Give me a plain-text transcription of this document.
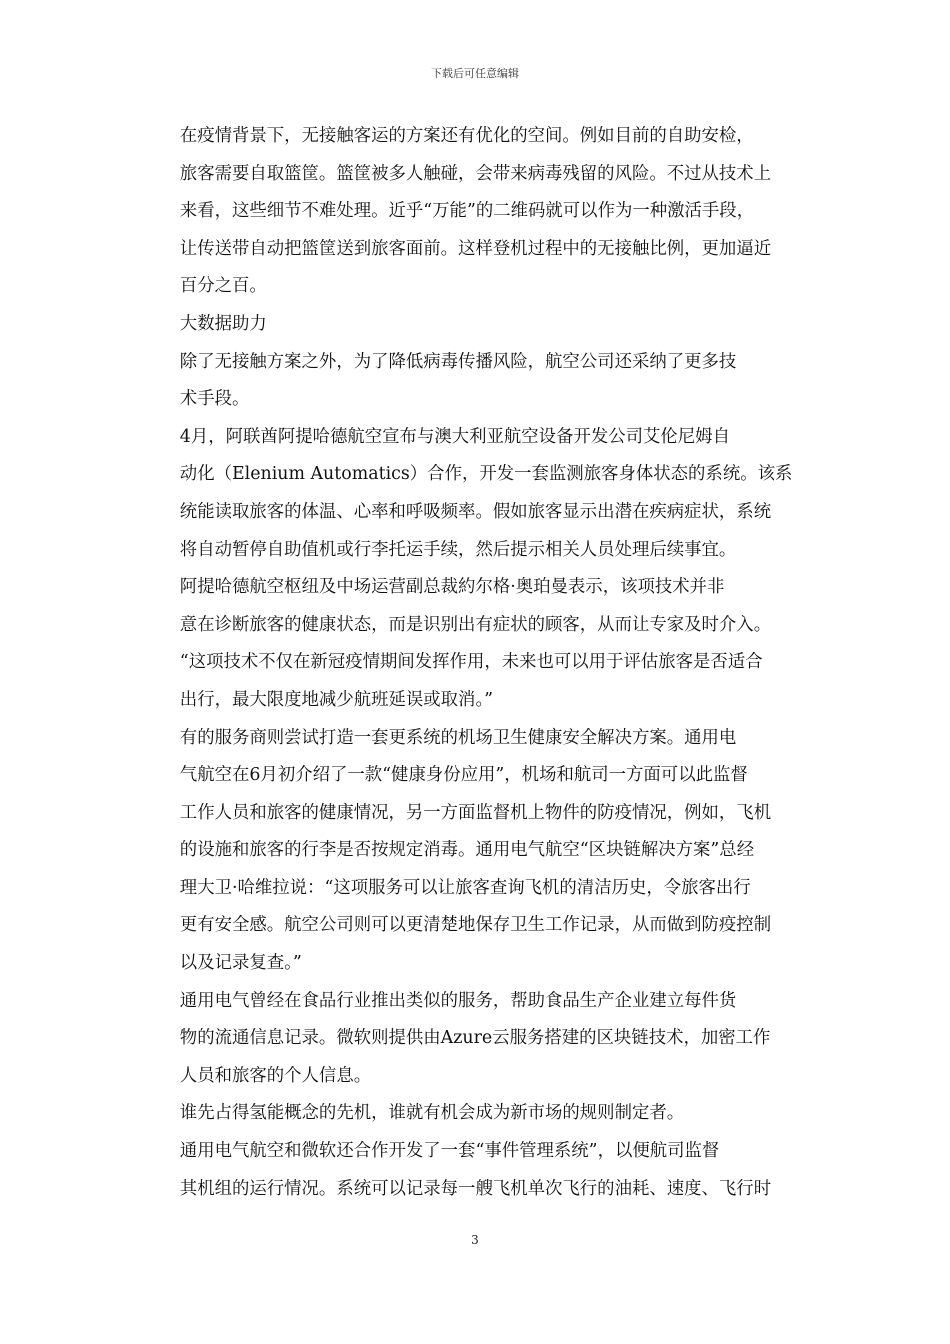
下载后可任意编辑

在疫情背景下，无接触客运的方案还有优化的空间。例如目前的自助安检，
旅客需要自取篮筐。篮筐被多人触碰，会带来病毒残留的风险。不过从技术上
来看，这些细节不难处理。近乎“万能”的二维码就可以作为一种激活手段，
让传送带自动把篮筐送到旅客面前。这样登机过程中的无接触比例，更加逼近
百分之百。

大数据助力

除了无接触方案之外，为了降低病毒传播风险，航空公司还采纳了更多技
术手段。

4月，阿联酋阿提哈德航空宣布与澳大利亚航空设备开发公司艾伦尼姆自
动化（Elenium Automatics）合作，开发一套监测旅客身体状态的系统。该系
统能读取旅客的体温、心率和呼吸频率。假如旅客显示出潜在疾病症状，系统
将自动暂停自助值机或行李托运手续，然后提示相关人员处理后续事宜。

阿提哈德航空枢纽及中场运营副总裁約尔格·奥珀曼表示，该项技术并非
意在诊断旅客的健康状态，而是识别出有症状的顾客，从而让专家及时介入。
“这项技术不仅在新冠疫情期间发挥作用，未来也可以用于评估旅客是否适合
出行，最大限度地减少航班延误或取消。”

有的服务商则尝试打造一套更系统的机场卫生健康安全解决方案。通用电
气航空在6月初介绍了一款“健康身份应用”，机场和航司一方面可以此监督
工作人员和旅客的健康情况，另一方面监督机上物件的防疫情况，例如，飞机
的设施和旅客的行李是否按规定消毒。通用电气航空“区块链解决方案”总经
理大卫·哈维拉说：“这项服务可以让旅客查询飞机的清洁历史，令旅客出行
更有安全感。航空公司则可以更清楚地保存卫生工作记录，从而做到防疫控制
以及记录复查。”

通用电气曾经在食品行业推出类似的服务，帮助食品生产企业建立每件货
物的流通信息记录。微软则提供由Azure云服务搭建的区块链技术，加密工作
人员和旅客的个人信息。

谁先占得氢能概念的先机，谁就有机会成为新市场的规则制定者。

通用电气航空和微软还合作开发了一套“事件管理系统”，以便航司监督
其机组的运行情况。系统可以记录每一艘飞机单次飞行的油耗、速度、飞行时

3
